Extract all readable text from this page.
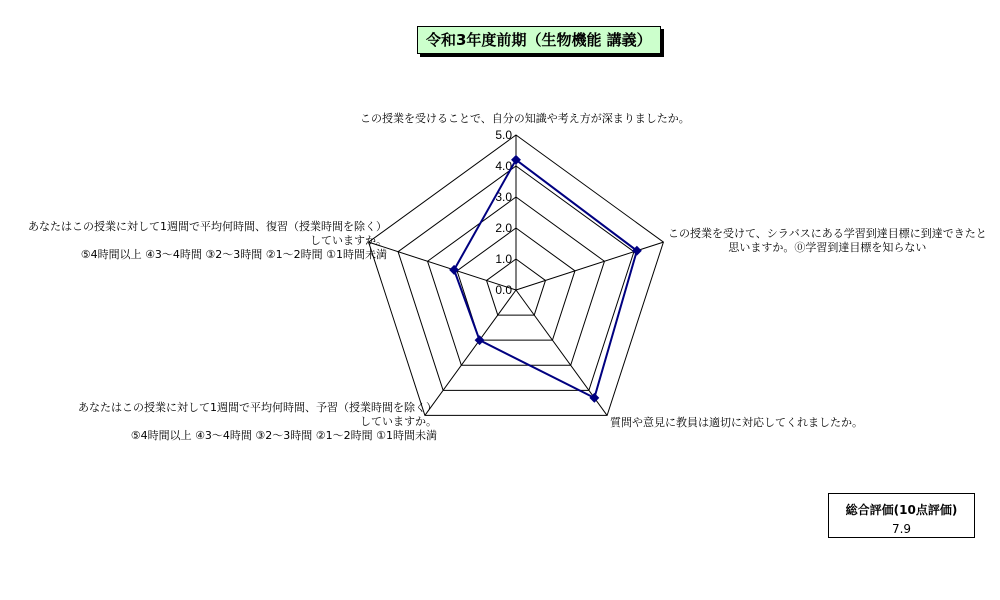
令和3年度前期（生物機能 講義）
0.0
1.0
2.0
3.0
4.0
5.0
この授業を受けることで、自分の知識や考え方が深まりましたか。
この授業を受けて、シラバスにある学習到達目標に到達できたと
思いますか。⓪学習到達目標を知らない
質問や意見に教員は適切に対応してくれましたか。
あなたはこの授業に対して1週間で平均何時間、予習（授業時間を除く）
していますか。
⑤4時間以上 ④3～4時間 ③2～3時間 ②1～2時間 ①1時間未満
あなたはこの授業に対して1週間で平均何時間、復習（授業時間を除く）
していますか。
⑤4時間以上 ④3～4時間 ③2～3時間 ②1～2時間 ①1時間未満
総合評価(10点評価)
7.9
